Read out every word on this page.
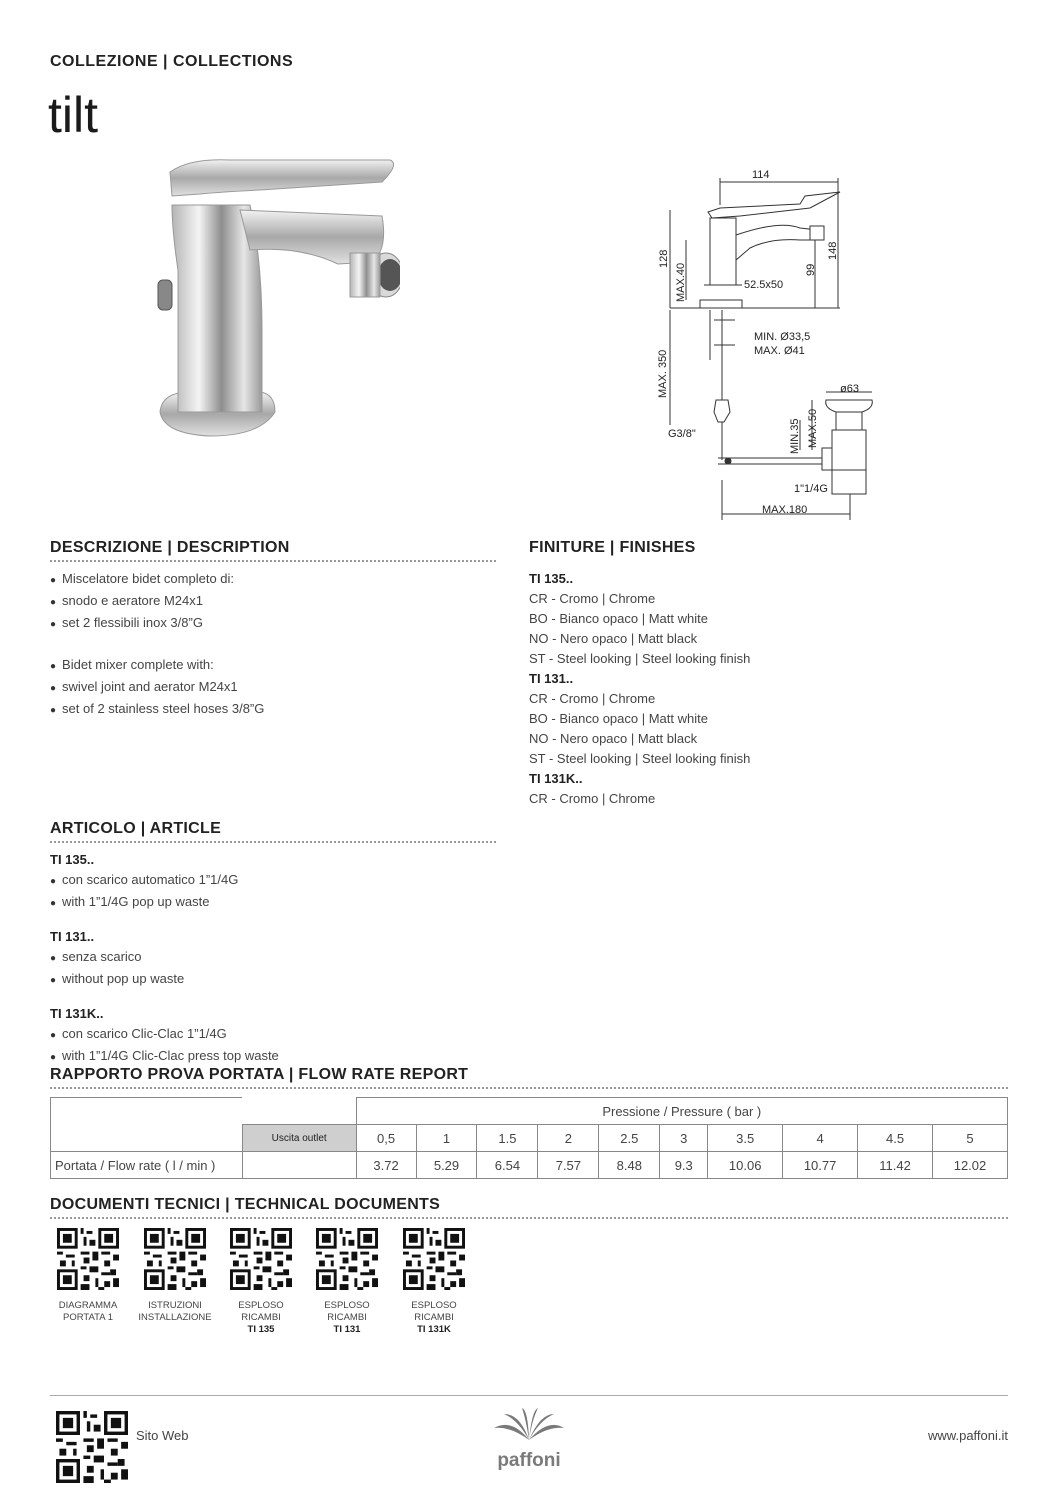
COLLEZIONE | COLLECTIONS
tilt
114
128	148
99
52.5x50
MAX.40
MIN. Ø33,5
MAX. Ø41
MAX. 350
G3/8"
ø63
MIN.35 MAX.50
1"1/4G
MAX.180
DESCRIZIONE | DESCRIPTION
● Miscelatore bidet completo di:
● snodo e aeratore M24x1
● set 2 flessibili inox 3/8”G
● Bidet mixer complete with:
● swivel joint and aerator M24x1
● set of 2 stainless steel hoses 3/8”G
FINITURE | FINISHES
TI 135..
CR - Cromo | Chrome
BO - Bianco opaco | Matt white
NO - Nero opaco | Matt black
ST - Steel looking | Steel looking finish
TI 131..
CR - Cromo | Chrome
BO - Bianco opaco | Matt white
NO - Nero opaco | Matt black
ST - Steel looking | Steel looking finish
TI 131K..
CR - Cromo | Chrome
ARTICOLO | ARTICLE
TI 135..
● con scarico automatico 1”1/4G
● with 1”1/4G pop up waste
TI 131..
● senza scarico
● without pop up waste
TI 131K..
● con scarico Clic-Clac 1”1/4G
● with 1”1/4G Clic-Clac press top waste
RAPPORTO PROVA PORTATA | FLOW RATE REPORT
		Pressione / Pressure ( bar )									
	Uscita outlet	0,5	1	1.5	2	2.5	3	3.5	4	4.5	5
Portata / Flow rate ( l / min )		3.72	5.29	6.54	7.57	8.48	9.3	10.06	10.77	11.42	12.02
DOCUMENTI TECNICI | TECHNICAL DOCUMENTS
DIAGRAMMA
PORTATA 1
ISTRUZIONI
INSTALLAZIONE
ESPLOSO
RICAMBI
TI 135
ESPLOSO
RICAMBI
TI 131
ESPLOSO
RICAMBI
TI 131K
Sito Web
paffoni
www.paffoni.it
